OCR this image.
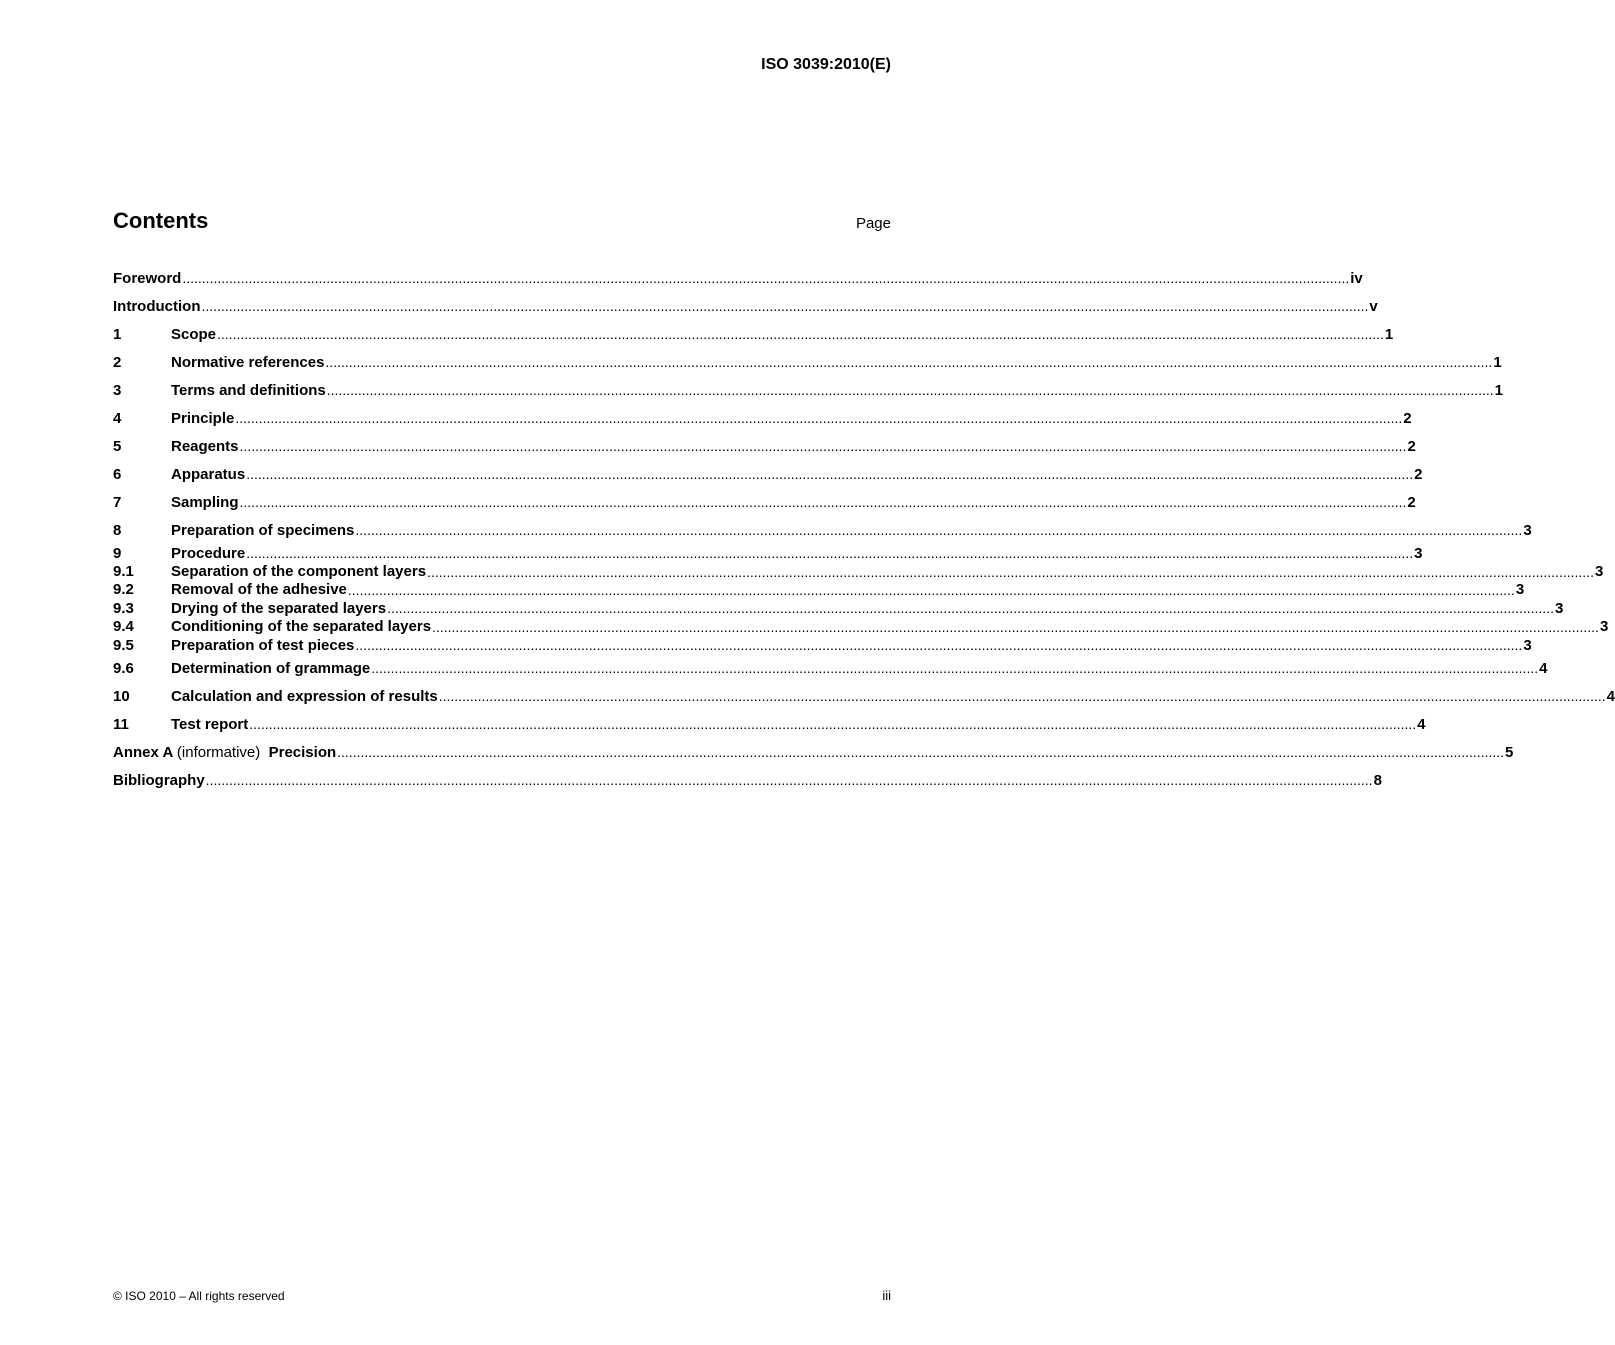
ISO 3039:2010(E)
Contents	Page
Foreword ............................................................................................................................................................................................................................................................................................................ iv
Introduction ............................................................................................................................................................................................................................................................................................................ v
1	Scope ............................................................................................................................................................................................................................................................................................................ 1
2	Normative references ............................................................................................................................................................................................................................................................................................................ 1
3	Terms and definitions ............................................................................................................................................................................................................................................................................................................ 1
4	Principle ............................................................................................................................................................................................................................................................................................................ 2
5	Reagents ............................................................................................................................................................................................................................................................................................................ 2
6	Apparatus ............................................................................................................................................................................................................................................................................................................ 2
7	Sampling ............................................................................................................................................................................................................................................................................................................ 2
8	Preparation of specimens ............................................................................................................................................................................................................................................................................................................ 3
9	Procedure ............................................................................................................................................................................................................................................................................................................ 3
9.1	Separation of the component layers ............................................................................................................................................................................................................................................................................................................ 3
9.2	Removal of the adhesive ............................................................................................................................................................................................................................................................................................................ 3
9.3	Drying of the separated layers ............................................................................................................................................................................................................................................................................................................ 3
9.4	Conditioning of the separated layers ............................................................................................................................................................................................................................................................................................................ 3
9.5	Preparation of test pieces ............................................................................................................................................................................................................................................................................................................ 3
9.6	Determination of grammage ............................................................................................................................................................................................................................................................................................................ 4
10	Calculation and expression of results ............................................................................................................................................................................................................................................................................................................ 4
11	Test report ............................................................................................................................................................................................................................................................................................................ 4
Annex A (informative) Precision ............................................................................................................................................................................................................................................................................................................ 5
Bibliography ............................................................................................................................................................................................................................................................................................................ 8
© ISO 2010 – All rights reserved	iii
